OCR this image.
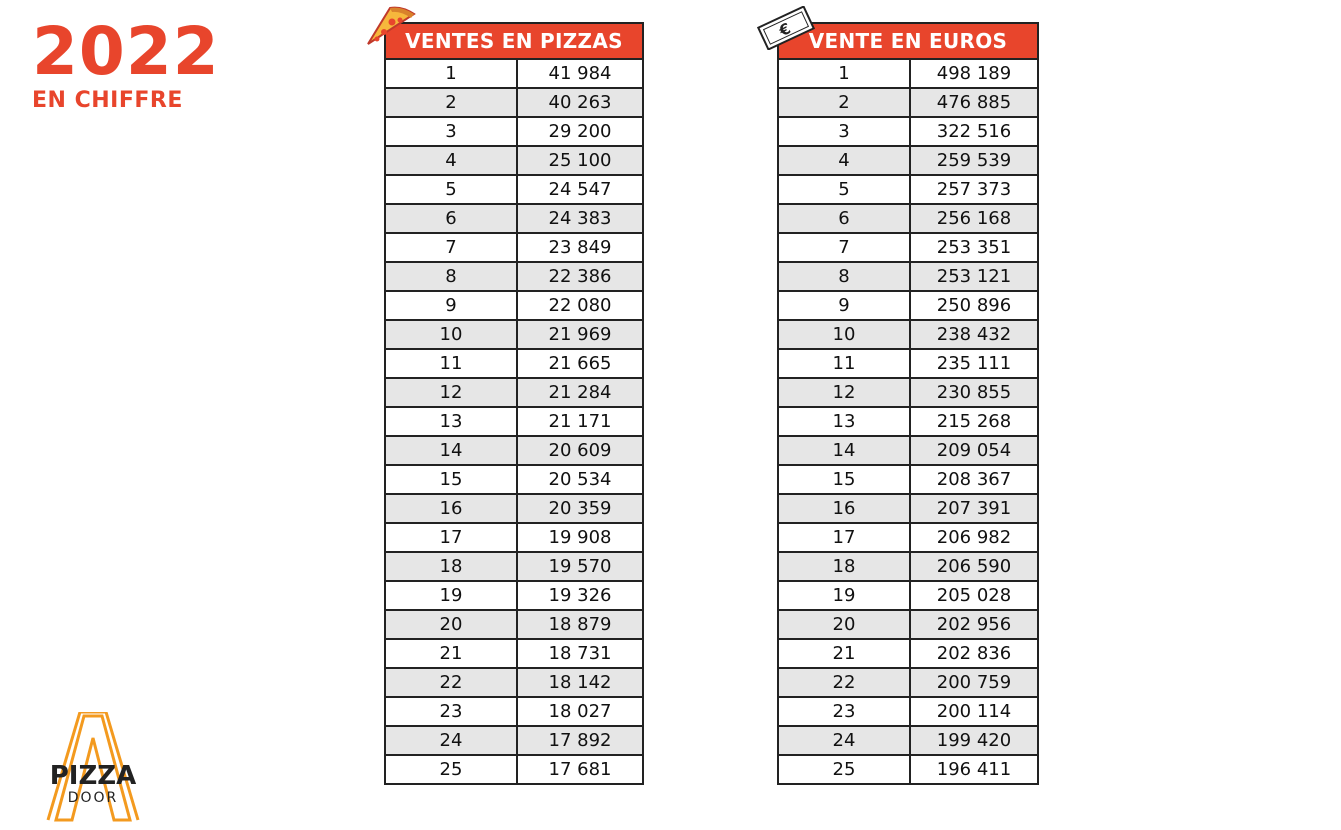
2022
EN CHIFFRE
VENTES EN PIZZAS	
1	41 984
2	40 263
3	29 200
4	25 100
5	24 547
6	24 383
7	23 849
8	22 386
9	22 080
10	21 969
11	21 665
12	21 284
13	21 171
14	20 609
15	20 534
16	20 359
17	19 908
18	19 570
19	19 326
20	18 879
21	18 731
22	18 142
23	18 027
24	17 892
25	17 681
€ VENTE EN EUROS	
1	498 189
2	476 885
3	322 516
4	259 539
5	257 373
6	256 168
7	253 351
8	253 121
9	250 896
10	238 432
11	235 111
12	230 855
13	215 268
14	209 054
15	208 367
16	207 391
17	206 982
18	206 590
19	205 028
20	202 956
21	202 836
22	200 759
23	200 114
24	199 420
25	196 411
PIZZA
DOOR
